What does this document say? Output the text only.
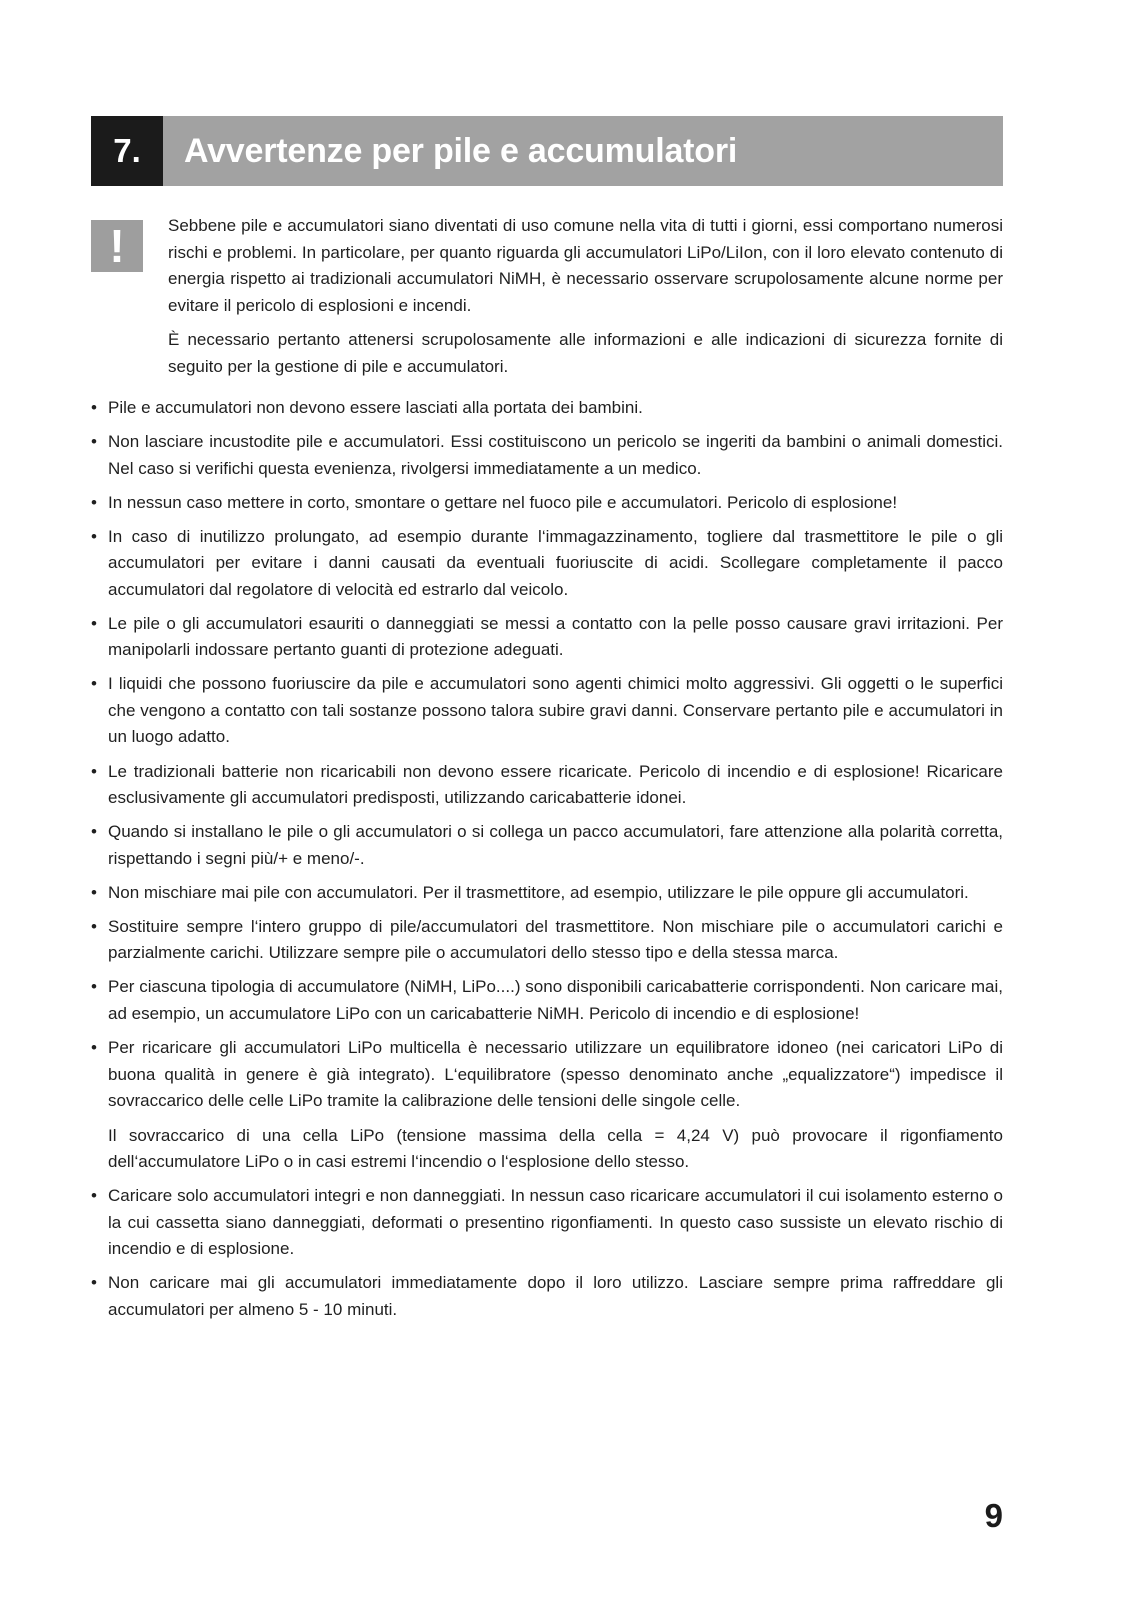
7.	Avvertenze per pile e accumulatori
!	Sebbene pile e accumulatori siano diventati di uso comune nella vita di tutti i giorni, essi comportano numerosi rischi e problemi. In particolare, per quanto riguarda gli accumulatori LiPo/LiIon, con il loro elevato contenuto di energia rispetto ai tradizionali accumulatori NiMH, è necessario osservare scrupolosamente alcune norme per evitare il pericolo di esplosioni e incendi.

È necessario pertanto attenersi scrupolosamente alle informazioni e alle indicazioni di sicurezza fornite di seguito per la gestione di pile e accumulatori.

• Pile e accumulatori non devono essere lasciati alla portata dei bambini.

• Non lasciare incustodite pile e accumulatori. Essi costituiscono un pericolo se ingeriti da bambini o animali domestici. Nel caso si verifichi questa evenienza, rivolgersi immediatamente a un medico.

• In nessun caso mettere in corto, smontare o gettare nel fuoco pile e accumulatori. Pericolo di esplosione!

• In caso di inutilizzo prolungato, ad esempio durante l‘immagazzinamento, togliere dal trasmettitore le pile o gli accumulatori per evitare i danni causati da eventuali fuoriuscite di acidi. Scollegare completamente il pacco accumulatori dal regolatore di velocità ed estrarlo dal veicolo.

• Le pile o gli accumulatori esauriti o danneggiati se messi a contatto con la pelle posso causare gravi irritazioni. Per manipolarli indossare pertanto guanti di protezione adeguati.

• I liquidi che possono fuoriuscire da pile e accumulatori sono agenti chimici molto aggressivi. Gli oggetti o le superfici che vengono a contatto con tali sostanze possono talora subire gravi danni. Conservare pertanto pile e accumulatori in un luogo adatto.

• Le tradizionali batterie non ricaricabili non devono essere ricaricate. Pericolo di incendio e di esplosione! Ricaricare esclusivamente gli accumulatori predisposti, utilizzando caricabatterie idonei.

• Quando si installano le pile o gli accumulatori o si collega un pacco accumulatori, fare attenzione alla polarità corretta, rispettando i segni più/+ e meno/-.

• Non mischiare mai pile con accumulatori. Per il trasmettitore, ad esempio, utilizzare le pile oppure gli accumulatori.

• Sostituire sempre l‘intero gruppo di pile/accumulatori del trasmettitore. Non mischiare pile o accumulatori carichi e parzialmente carichi. Utilizzare sempre pile o accumulatori dello stesso tipo e della stessa marca.

• Per ciascuna tipologia di accumulatore (NiMH, LiPo....) sono disponibili caricabatterie corrispondenti. Non caricare mai, ad esempio, un accumulatore LiPo con un caricabatterie NiMH. Pericolo di incendio e di esplosione!

• Per ricaricare gli accumulatori LiPo multicella è necessario utilizzare un equilibratore idoneo (nei caricatori LiPo di buona qualità in genere è già integrato). L‘equilibratore (spesso denominato anche „equalizzatore“) impedisce il sovraccarico delle celle LiPo tramite la calibrazione delle tensioni delle singole celle.

Il sovraccarico di una cella LiPo (tensione massima della cella = 4,24 V) può provocare il rigonfiamento dell‘accumulatore LiPo o in casi estremi l‘incendio o l‘esplosione dello stesso.

• Caricare solo accumulatori integri e non danneggiati. In nessun caso ricaricare accumulatori il cui isolamento esterno o la cui cassetta siano danneggiati, deformati o presentino rigonfiamenti. In questo caso sussiste un elevato rischio di incendio e di esplosione.

• Non caricare mai gli accumulatori immediatamente dopo il loro utilizzo. Lasciare sempre prima raffreddare gli accumulatori per almeno 5 - 10 minuti.

9
